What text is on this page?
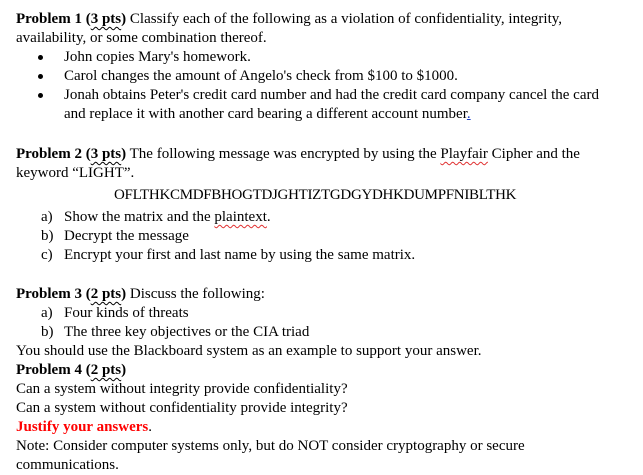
Problem 1 (3 pts) Classify each of the following as a violation of confidentiality, integrity,

availability, or some combination thereof.

John copies Mary's homework.
Carol changes the amount of Angelo's check from $100 to $1000.
Jonah obtains Peter's credit card number and had the credit card company cancel the card
and replace it with another card bearing a different account number.

Problem 2 (3 pts) The following message was encrypted by using the Playfair Cipher and the

keyword “LIGHT”.

OFLTHKCMDFBHOGTDJGHTIZTGDGYDHKDUMPFNIBLTHK

a) Show the matrix and the plaintext.
b) Decrypt the message
c) Encrypt your first and last name by using the same matrix.

Problem 3 (2 pts) Discuss the following:

a) Four kinds of threats
b) The three key objectives or the CIA triad

You should use the Blackboard system as an example to support your answer.

Problem 4 (2 pts)

Can a system without integrity provide confidentiality?

Can a system without confidentiality provide integrity?

Justify your answers.

Note: Consider computer systems only, but do NOT consider cryptography or secure

communications.
